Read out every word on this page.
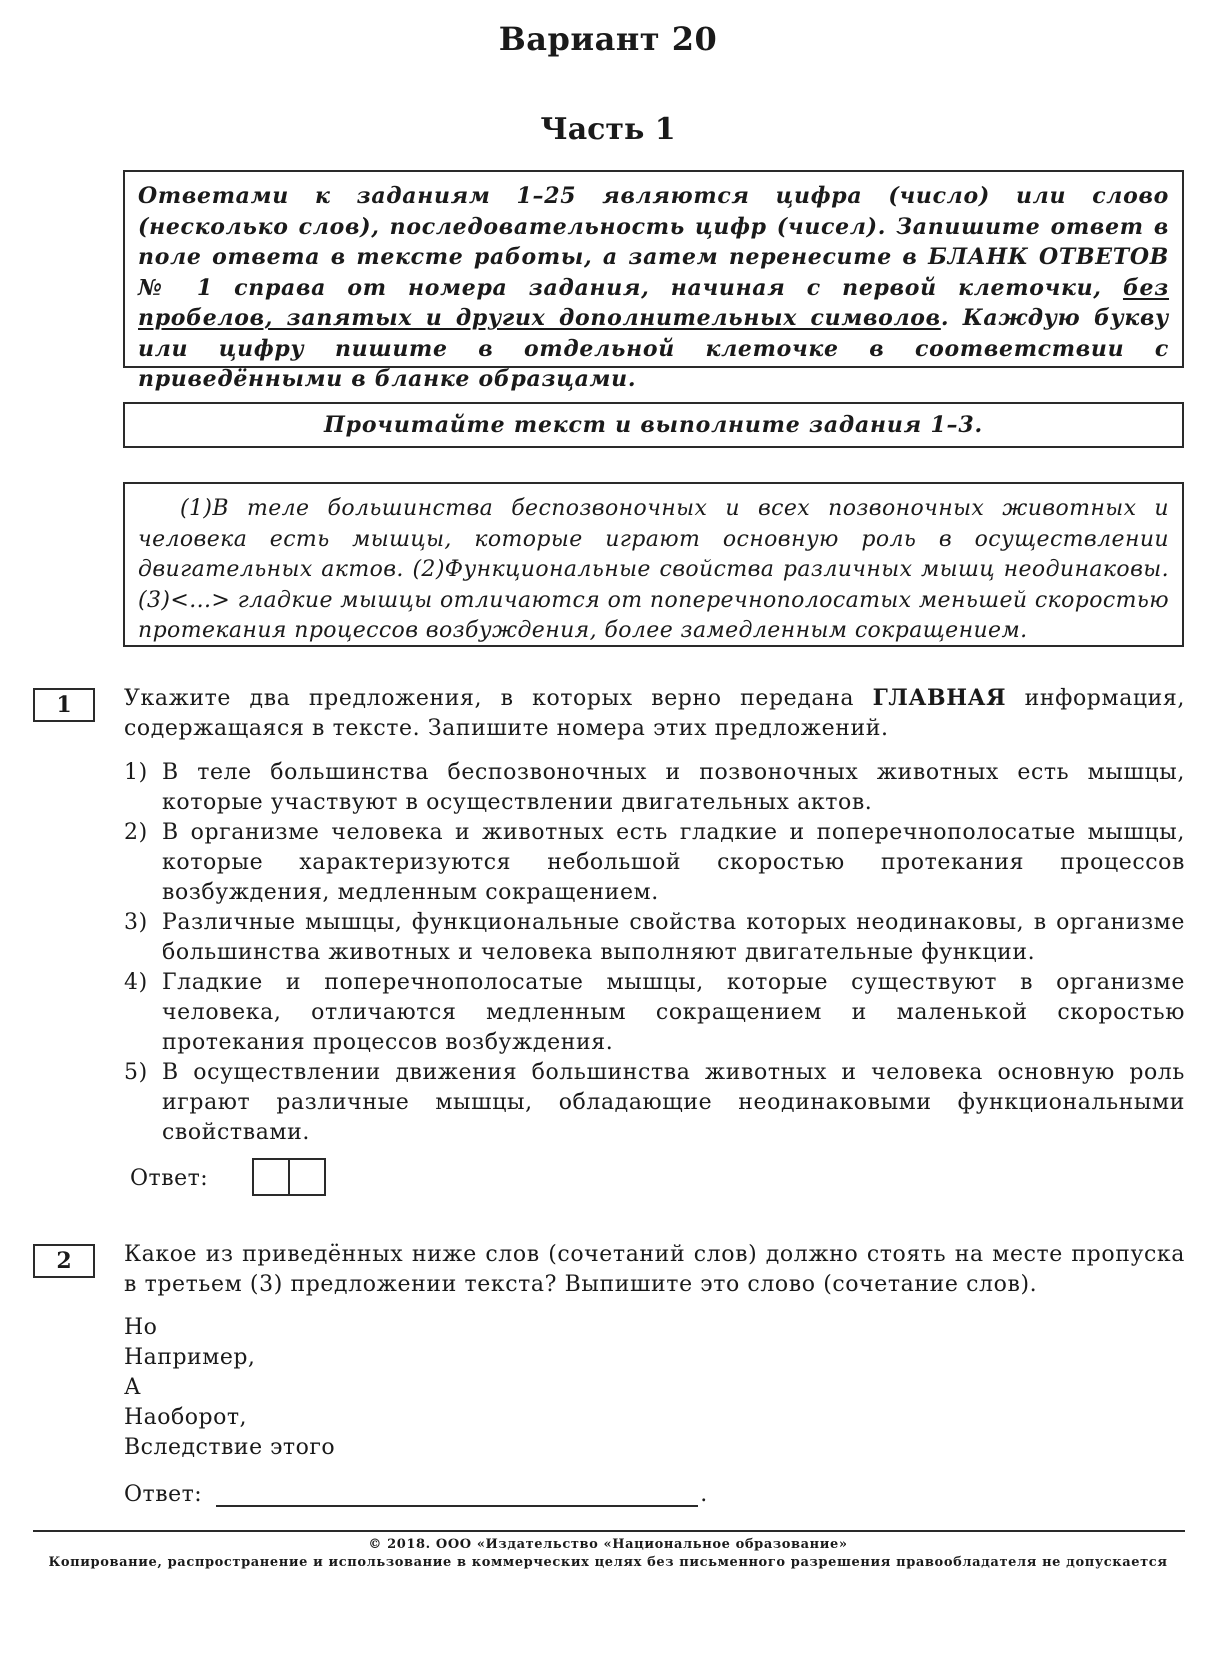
Вариант 20
Часть 1
Ответами к заданиям 1–25 являются цифра (число) или слово (несколько слов), последовательность цифр (чисел). Запишите ответ в поле ответа в тексте работы, а затем перенесите в БЛАНК ОТВЕТОВ № 1 справа от номера задания, начиная с первой клеточки, без пробелов, запятых и других дополнительных символов. Каждую букву или цифру пишите в отдельной клеточке в соответствии с приведёнными в бланке образцами.
Прочитайте текст и выполните задания 1–3.
(1)В теле большинства беспозвоночных и всех позвоночных животных и человека есть мышцы, которые играют основную роль в осуществлении двигательных актов. (2)Функциональные свойства различных мышц неодинаковы. (3)<...> гладкие мышцы отличаются от поперечнополосатых меньшей скоростью протекания процессов возбуждения, более замедленным сокращением.
1	Укажите два предложения, в которых верно передана ГЛАВНАЯ информация, содержащаяся в тексте. Запишите номера этих предложений.
1) В теле большинства беспозвоночных и позвоночных животных есть мышцы, которые участвуют в осуществлении двигательных актов.
2) В организме человека и животных есть гладкие и поперечнополосатые мышцы, которые характеризуются небольшой скоростью протекания процессов возбуждения, медленным сокращением.
3) Различные мышцы, функциональные свойства которых неодинаковы, в организме большинства животных и человека выполняют двигательные функции.
4) Гладкие и поперечнополосатые мышцы, которые существуют в организме человека, отличаются медленным сокращением и маленькой скоростью протекания процессов возбуждения.
5) В осуществлении движения большинства животных и человека основную роль играют различные мышцы, обладающие неодинаковыми функциональными свойствами.
Ответ:
2	Какое из приведённых ниже слов (сочетаний слов) должно стоять на месте пропуска в третьем (3) предложении текста? Выпишите это слово (сочетание слов).
Но
Например,
А
Наоборот,
Вследствие этого
Ответ:	.
© 2018. ООО «Издательство «Национальное образование»
Копирование, распространение и использование в коммерческих целях без письменного разрешения правообладателя не допускается
